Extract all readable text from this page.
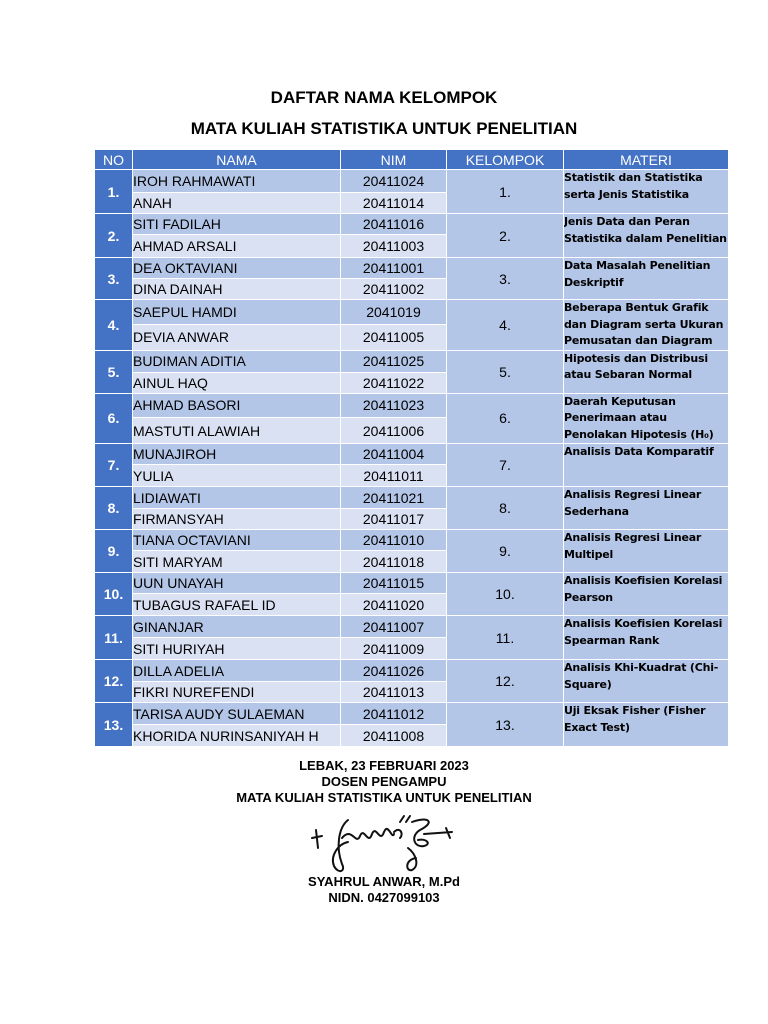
DAFTAR NAMA KELOMPOK
MATA KULIAH STATISTIKA UNTUK PENELITIAN
NO	NAMA	NIM	KELOMPOK	MATERI
1.	IROH RAHMAWATI	20411024	1.	Statistik dan Statistika serta Jenis Statistika
	ANAH	20411014		
2.	SITI FADILAH	20411016	2.	Jenis Data dan Peran Statistika dalam Penelitian
	AHMAD ARSALI	20411003		
3.	DEA OKTAVIANI	20411001	3.	Data Masalah Penelitian Deskriptif
	DINA DAINAH	20411002		
4.	SAEPUL HAMDI	2041019	4.	Beberapa Bentuk Grafik dan Diagram serta Ukuran Pemusatan dan Diagram
	DEVIA ANWAR	20411005		
5.	BUDIMAN ADITIA	20411025	5.	Hipotesis dan Distribusi atau Sebaran Normal
	AINUL HAQ	20411022		
6.	AHMAD BASORI	20411023	6.	Daerah Keputusan Penerimaan atau Penolakan Hipotesis (H₀)
	MASTUTI ALAWIAH	20411006		
7.	MUNAJIROH	20411004	7.	Analisis Data Komparatif
	YULIA	20411011		
8.	LIDIAWATI	20411021	8.	Analisis Regresi Linear Sederhana
	FIRMANSYAH	20411017		
9.	TIANA OCTAVIANI	20411010	9.	Analisis Regresi Linear Multipel
	SITI MARYAM	20411018		
10.	UUN UNAYAH	20411015	10.	Analisis Koefisien Korelasi Pearson
	TUBAGUS RAFAEL ID	20411020		
11.	GINANJAR	20411007	11.	Analisis Koefisien Korelasi Spearman Rank
	SITI HURIYAH	20411009		
12.	DILLA ADELIA	20411026	12.	Analisis Khi-Kuadrat (Chi-Square)
	FIKRI NUREFENDI	20411013		
13.	TARISA AUDY SULAEMAN	20411012	13.	Uji Eksak Fisher (Fisher Exact Test)
	KHORIDA NURINSANIYAH H	20411008		
LEBAK, 23 FEBRUARI 2023
DOSEN PENGAMPU
MATA KULIAH STATISTIKA UNTUK PENELITIAN
SYAHRUL ANWAR, M.Pd
NIDN. 0427099103
